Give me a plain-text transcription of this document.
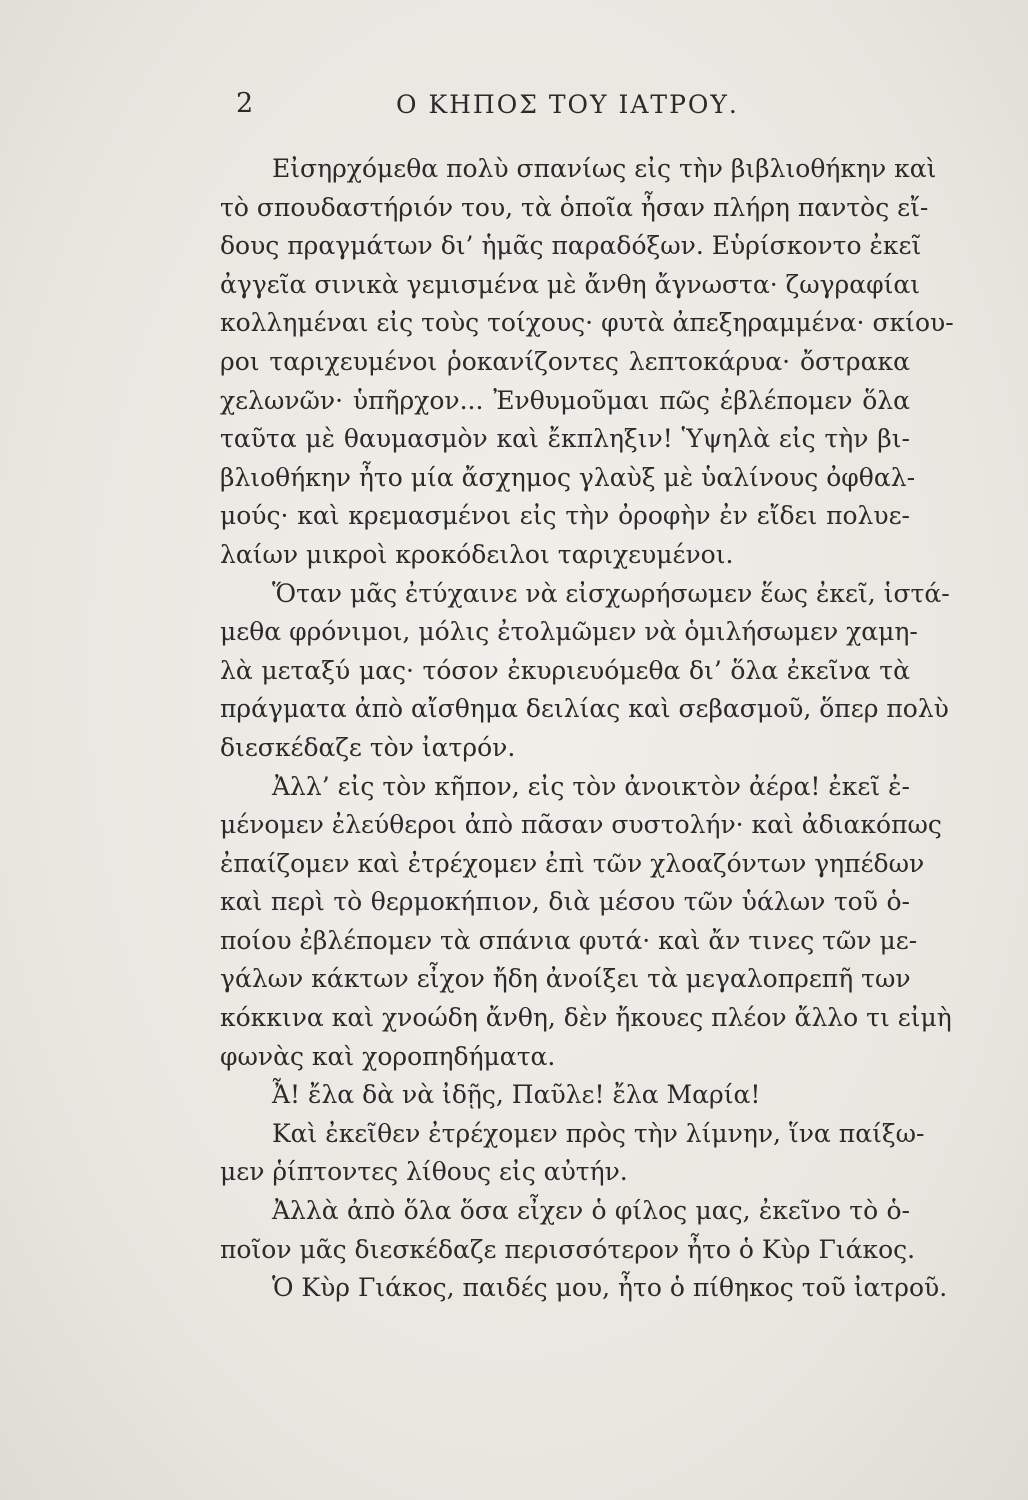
2	Ο ΚΗΠΟΣ ΤΟΥ ΙΑΤΡΟΥ.
Εἰσηρχόμεθα πολὺ σπανίως εἰς τὴν βιβλιοθήκην καὶ
τὸ σπουδαστήριόν του, τὰ ὁποῖα ἦσαν πλήρη παντὸς εἴ-
δους πραγμάτων δι’ ἡμᾶς παραδόξων. Εὑρίσκοντο ἐκεῖ
ἀγγεῖα σινικὰ γεμισμένα μὲ ἄνθη ἄγνωστα· ζωγραφίαι
κολλημέναι εἰς τοὺς τοίχους· φυτὰ ἀπεξηραμμένα· σκίου-
ροι ταριχευμένοι ῥοκανίζοντες λεπτοκάρυα· ὄστρακα
χελωνῶν· ὑπῆρχον... Ἐνθυμοῦμαι πῶς ἐβλέπομεν ὅλα
ταῦτα μὲ θαυμασμὸν καὶ ἔκπληξιν! Ὑψηλὰ εἰς τὴν βι-
βλιοθήκην ἦτο μία ἄσχημος γλαὺξ μὲ ὑαλίνους ὀφθαλ-
μούς· καὶ κρεμασμένοι εἰς τὴν ὀροφὴν ἐν εἴδει πολυε-
λαίων μικροὶ κροκόδειλοι ταριχευμένοι.
Ὅταν μᾶς ἐτύχαινε νὰ εἰσχωρήσωμεν ἕως ἐκεῖ, ἱστά-
μεθα φρόνιμοι, μόλις ἐτολμῶμεν νὰ ὁμιλήσωμεν χαμη-
λὰ μεταξύ μας· τόσον ἐκυριευόμεθα δι’ ὅλα ἐκεῖνα τὰ
πράγματα ἀπὸ αἴσθημα δειλίας καὶ σεβασμοῦ, ὅπερ πολὺ
διεσκέδαζε τὸν ἰατρόν.
Ἀλλ’ εἰς τὸν κῆπον, εἰς τὸν ἀνοικτὸν ἀέρα! ἐκεῖ ἐ-
μένομεν ἐλεύθεροι ἀπὸ πᾶσαν συστολήν· καὶ ἀδιακόπως
ἐπαίζομεν καὶ ἐτρέχομεν ἐπὶ τῶν χλοαζόντων γηπέδων
καὶ περὶ τὸ θερμοκήπιον, διὰ μέσου τῶν ὑάλων τοῦ ὁ-
ποίου ἐβλέπομεν τὰ σπάνια φυτά· καὶ ἄν τινες τῶν με-
γάλων κάκτων εἶχον ἤδη ἀνοίξει τὰ μεγαλοπρεπῆ των
κόκκινα καὶ χνοώδη ἄνθη, δὲν ἤκουες πλέον ἄλλο τι εἰμὴ
φωνὰς καὶ χοροπηδήματα.
Ἆ! ἔλα δὰ νὰ ἰδῇς, Παῦλε! ἔλα Μαρία!
Καὶ ἐκεῖθεν ἐτρέχομεν πρὸς τὴν λίμνην, ἵνα παίξω-
μεν ῥίπτοντες λίθους εἰς αὐτήν.
Ἀλλὰ ἀπὸ ὅλα ὅσα εἶχεν ὁ φίλος μας, ἐκεῖνο τὸ ὁ-
ποῖον μᾶς διεσκέδαζε περισσότερον ἦτο ὁ Κὺρ Γιάκος.
Ὁ Κὺρ Γιάκος, παιδές μου, ἦτο ὁ πίθηκος τοῦ ἰατροῦ.
